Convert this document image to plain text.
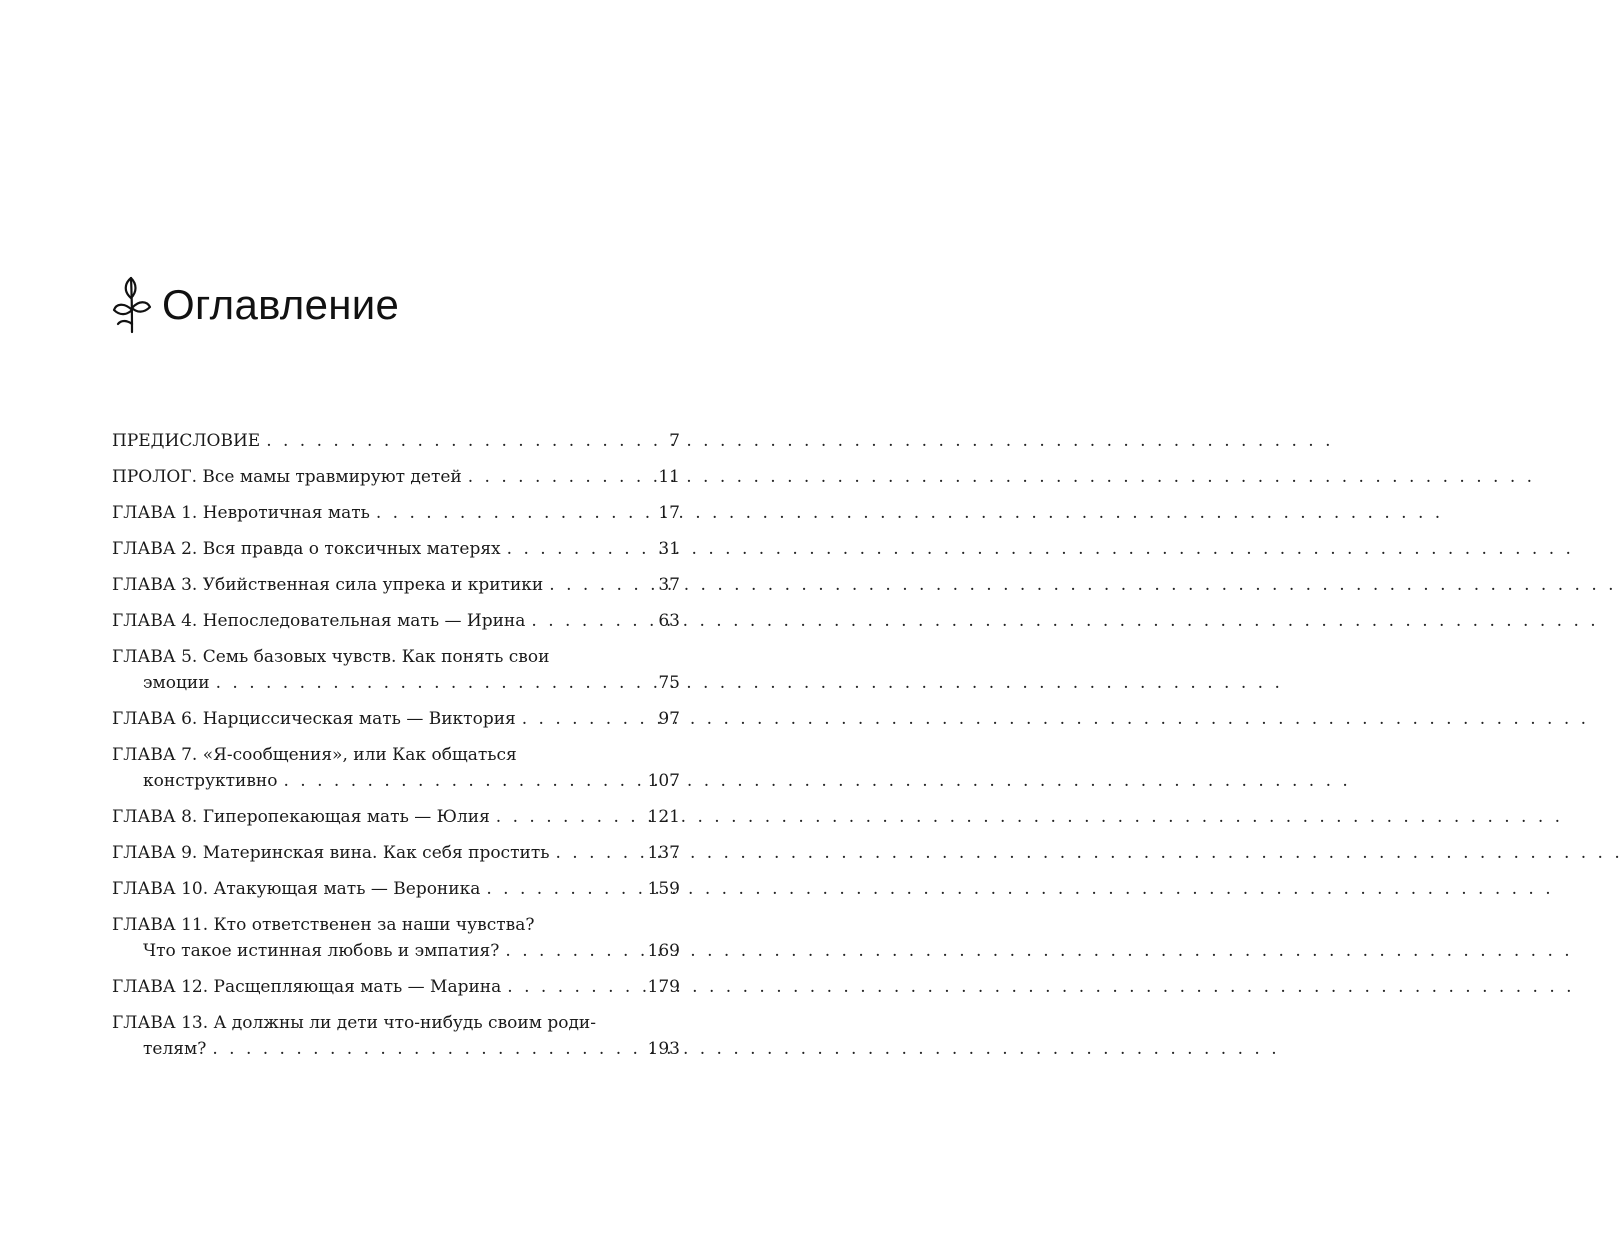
Оглавление
ПРЕДИСЛОВИЕ . . .	7
ПРОЛОГ. Все мамы травмируют детей . . .	11
ГЛАВА 1. Невротичная мать . . .	17
ГЛАВА 2. Вся правда о токсичных матерях . . .	31
ГЛАВА 3. Убийственная сила упрека и критики . . .	37
ГЛАВА 4. Непоследовательная мать — Ирина . . .	63
ГЛАВА 5. Семь базовых чувств. Как понять свои
эмоции . . .	75
ГЛАВА 6. Нарциссическая мать — Виктория . . .	97
ГЛАВА 7. «Я-сообщения», или Как общаться
конструктивно . . .	107
ГЛАВА 8. Гиперопекающая мать — Юлия . . .	121
ГЛАВА 9. Материнская вина. Как себя простить . . .	137
ГЛАВА 10. Атакующая мать — Вероника . . .	159
ГЛАВА 11. Кто ответственен за наши чувства?
Что такое истинная любовь и эмпатия? . . .	169
ГЛАВА 12. Расщепляющая мать — Марина . . .	179
ГЛАВА 13. А должны ли дети что-нибудь своим роди-
телям? . . .	193
